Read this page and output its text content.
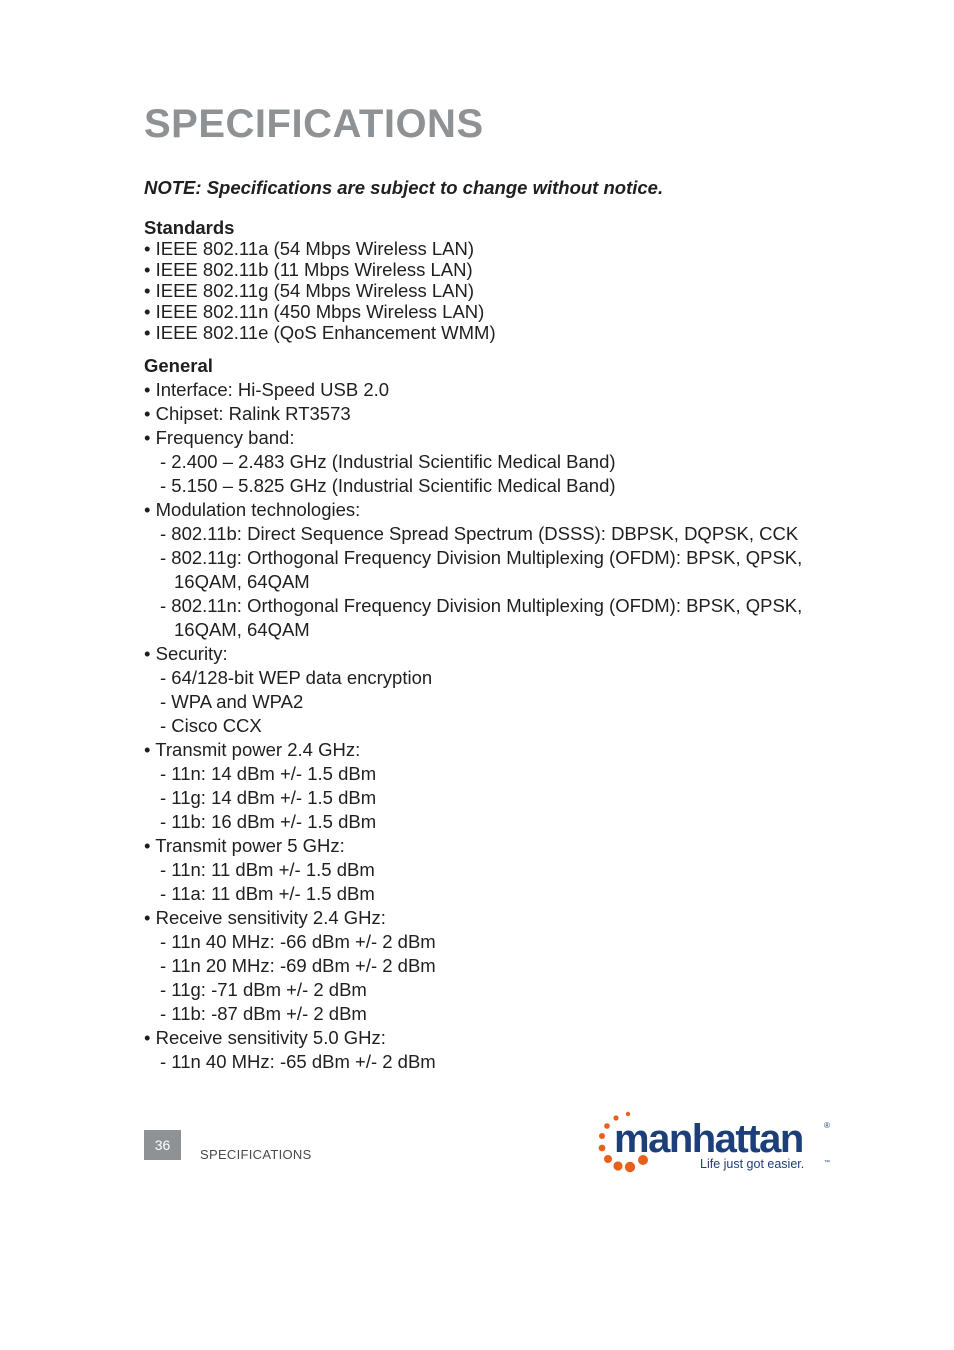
SPECIFICATIONS

NOTE: Specifications are subject to change without notice.

Standards

• IEEE 802.11a (54 Mbps Wireless LAN)
• IEEE 802.11b (11 Mbps Wireless LAN)
• IEEE 802.11g (54 Mbps Wireless LAN)
• IEEE 802.11n (450 Mbps Wireless LAN)
• IEEE 802.11e (QoS Enhancement WMM)

General

• Interface: Hi-Speed USB 2.0
• Chipset: Ralink RT3573
• Frequency band:
- 2.400 – 2.483 GHz (Industrial Scientific Medical Band)
- 5.150 – 5.825 GHz (Industrial Scientific Medical Band)
• Modulation technologies:
- 802.11b: Direct Sequence Spread Spectrum (DSSS): DBPSK, DQPSK, CCK
- 802.11g: Orthogonal Frequency Division Multiplexing (OFDM): BPSK, QPSK, 16QAM, 64QAM
- 802.11n: Orthogonal Frequency Division Multiplexing (OFDM): BPSK, QPSK, 16QAM, 64QAM
• Security:
- 64/128-bit WEP data encryption
- WPA and WPA2
- Cisco CCX
• Transmit power 2.4 GHz:
- 11n: 14 dBm +/- 1.5 dBm
- 11g: 14 dBm +/- 1.5 dBm
- 11b: 16 dBm +/- 1.5 dBm
• Transmit power 5 GHz:
- 11n: 11 dBm +/- 1.5 dBm
- 11a: 11 dBm +/- 1.5 dBm
• Receive sensitivity 2.4 GHz:
- 11n 40 MHz: -66 dBm +/- 2 dBm
- 11n 20 MHz: -69 dBm +/- 2 dBm
- 11g: -71 dBm +/- 2 dBm
- 11b: -87 dBm +/- 2 dBm
• Receive sensitivity 5.0 GHz:
- 11n 40 MHz: -65 dBm +/- 2 dBm
36
SPECIFICATIONS	manhattan	®
Life just got easier.	™
